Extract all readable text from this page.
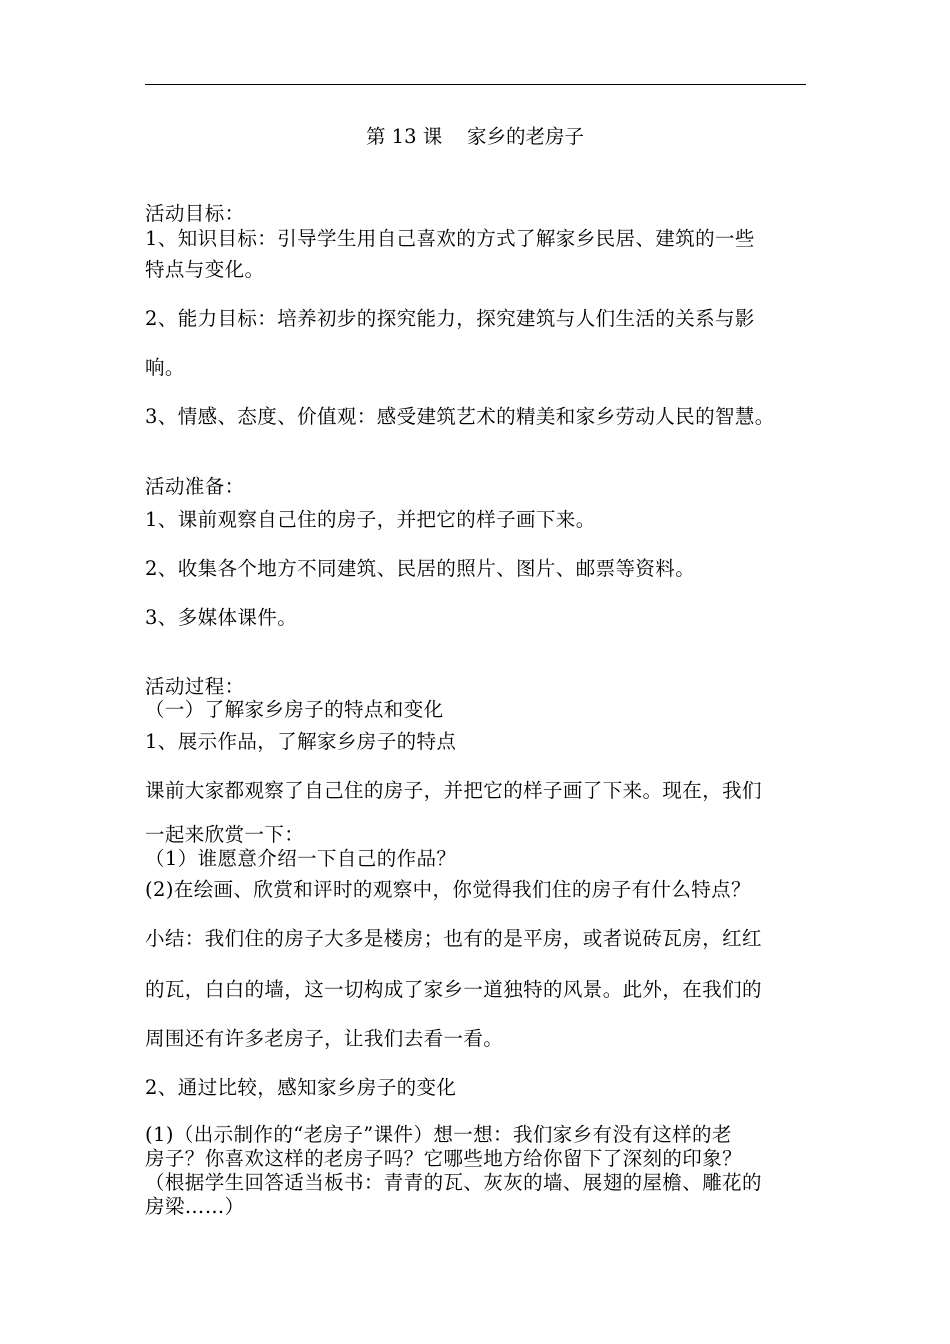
第 13 课    家乡的老房子
活动目标：
1、知识目标：引导学生用自己喜欢的方式了解家乡民居、建筑的一些
特点与变化。
2、能力目标：培养初步的探究能力，探究建筑与人们生活的关系与影
响。
3、情感、态度、价值观：感受建筑艺术的精美和家乡劳动人民的智慧。
活动准备：
1、课前观察自己住的房子，并把它的样子画下来。
2、收集各个地方不同建筑、民居的照片、图片、邮票等资料。
3、多媒体课件。
活动过程：
（一）了解家乡房子的特点和变化
1、展示作品，了解家乡房子的特点
课前大家都观察了自己住的房子，并把它的样子画了下来。现在，我们
一起来欣赏一下：
（1）谁愿意介绍一下自己的作品？
(2)在绘画、欣赏和评时的观察中，你觉得我们住的房子有什么特点？
小结：我们住的房子大多是楼房；也有的是平房，或者说砖瓦房，红红
的瓦，白白的墙，这一切构成了家乡一道独特的风景。此外，在我们的
周围还有许多老房子，让我们去看一看。
2、通过比较，感知家乡房子的变化
(1)（出示制作的“老房子”课件）想一想：我们家乡有没有这样的老
房子？你喜欢这样的老房子吗？它哪些地方给你留下了深刻的印象？
（根据学生回答适当板书：青青的瓦、灰灰的墙、展翅的屋檐、雕花的
房梁……）
